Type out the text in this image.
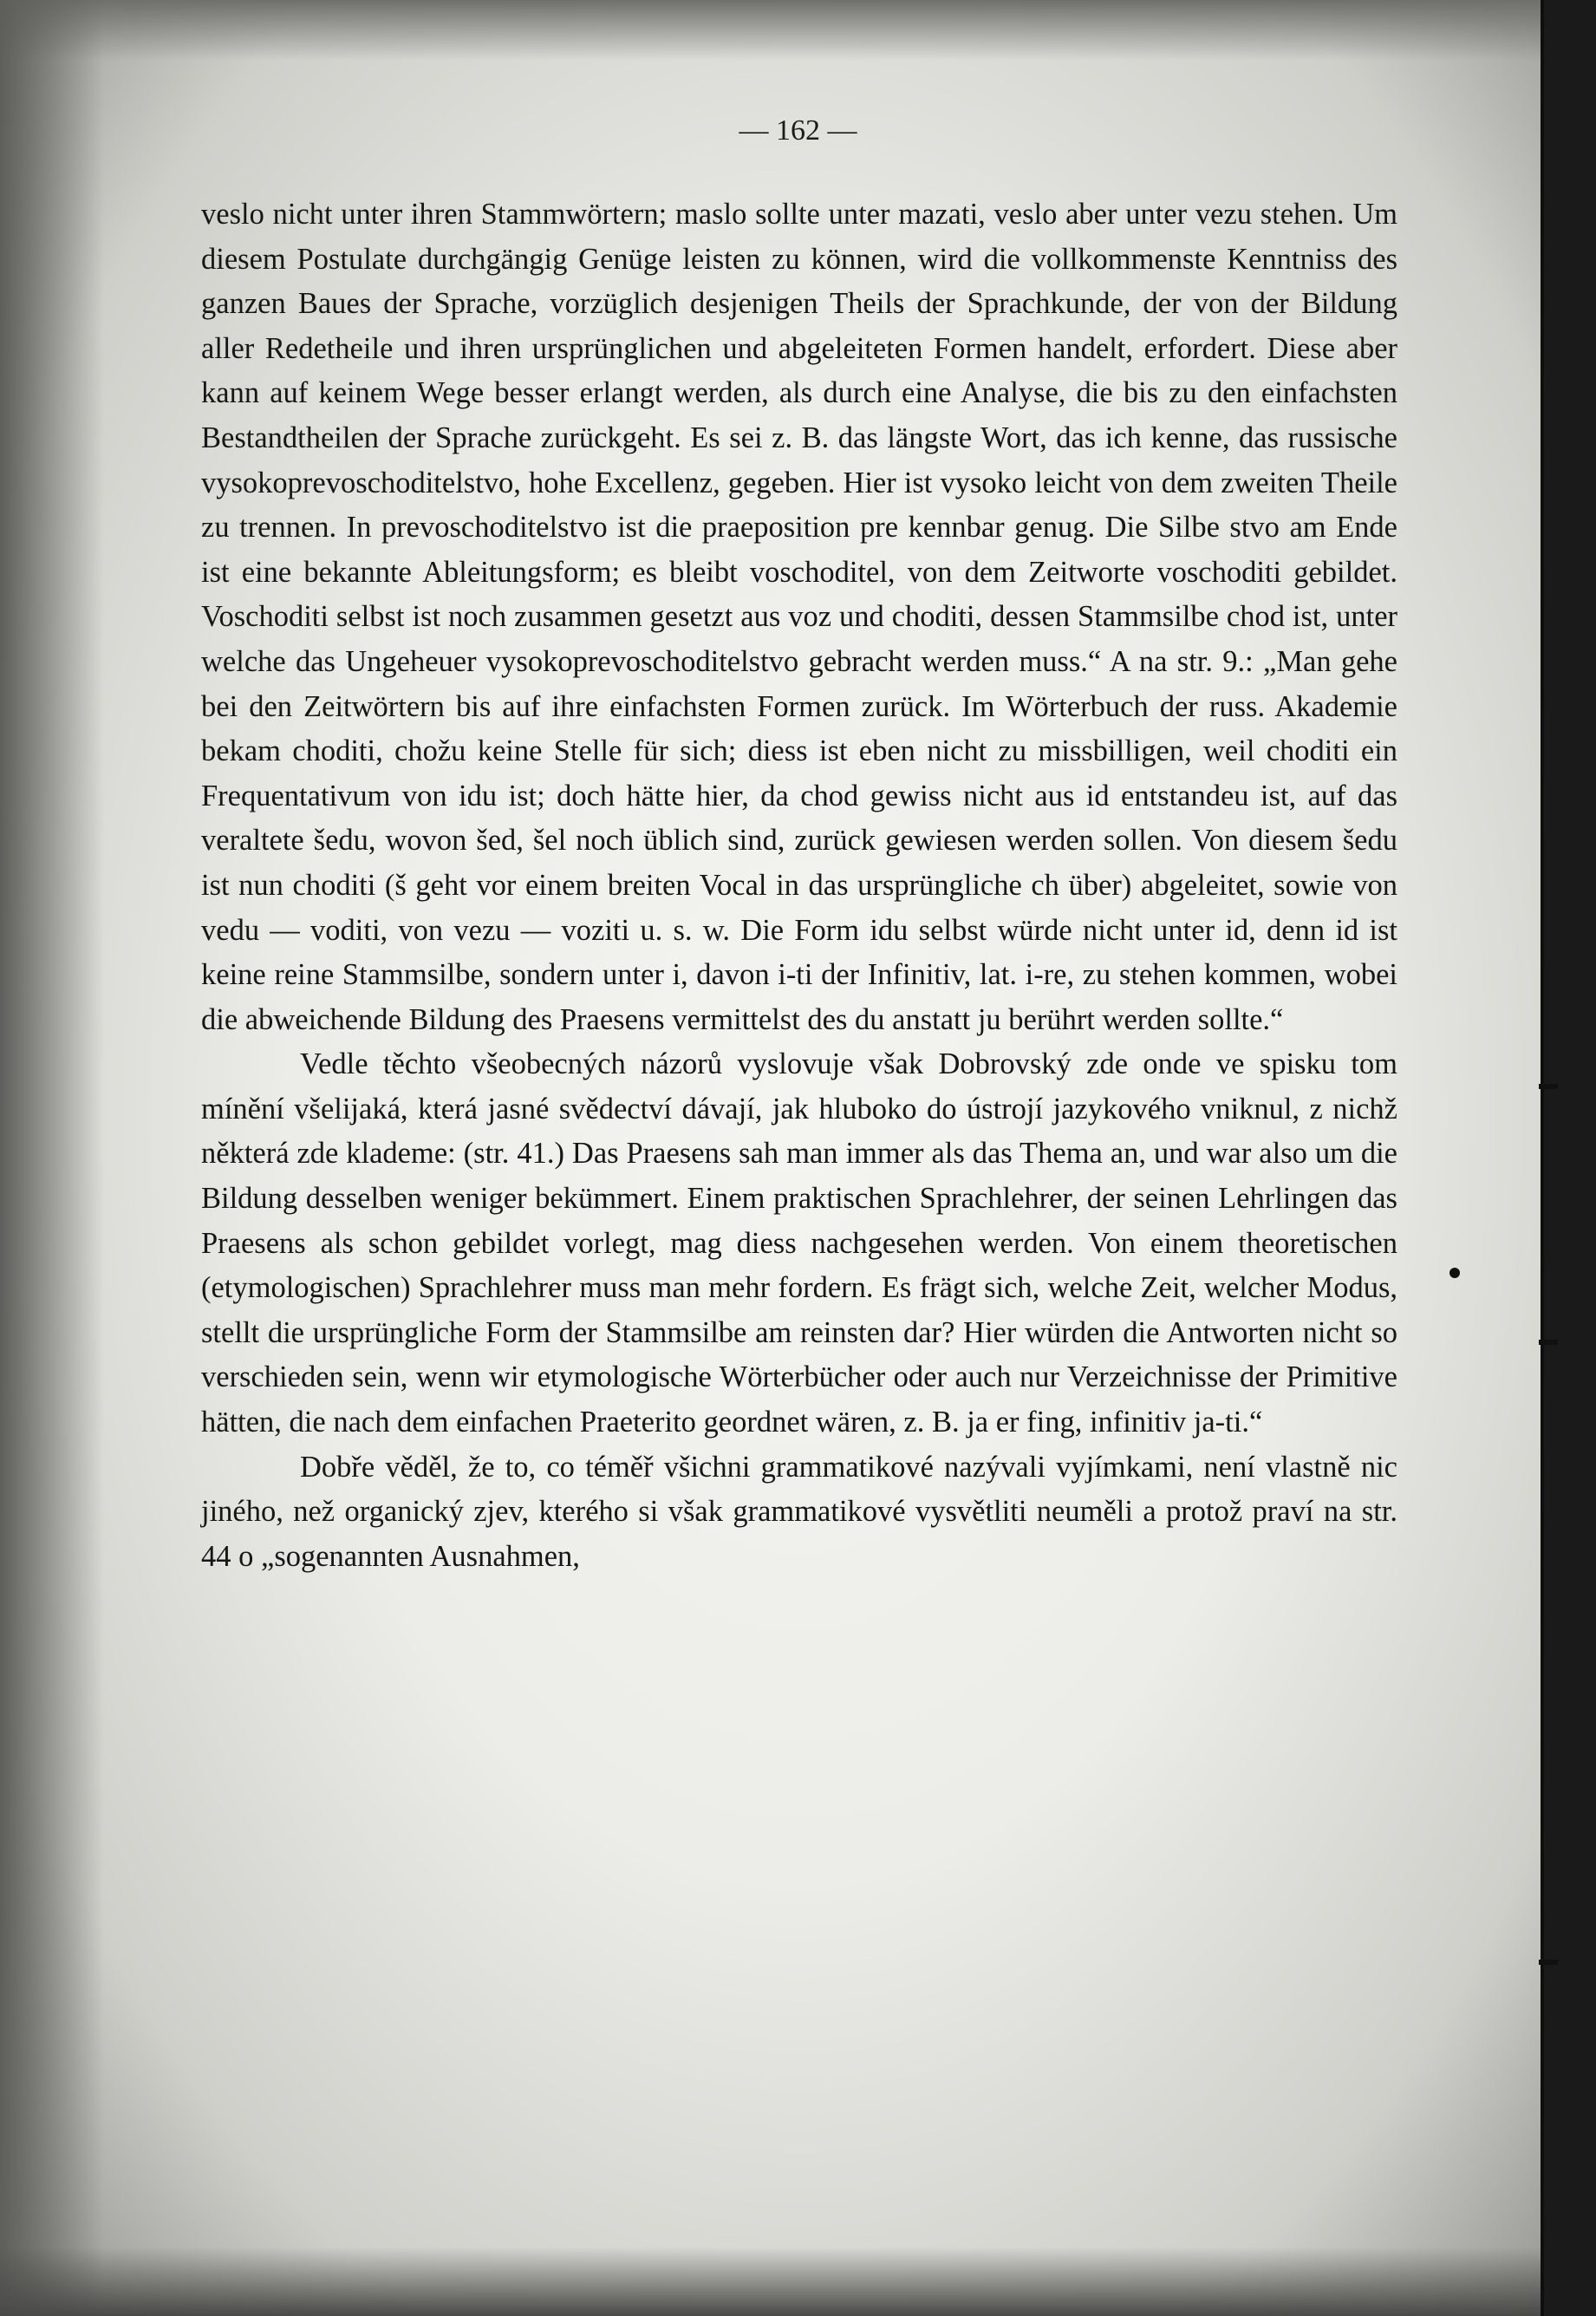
— 162 —

veslo nicht unter ihren Stammwörtern; maslo sollte unter mazati, veslo aber unter vezu stehen. Um diesem Postulate durchgängig Genüge leisten zu können, wird die vollkommenste Kenntniss des ganzen Baues der Sprache, vorzüglich desjenigen Theils der Sprachkunde, der von der Bildung aller Redetheile und ihren ursprünglichen und abgeleiteten Formen handelt, erfordert. Diese aber kann auf keinem Wege besser erlangt werden, als durch eine Analyse, die bis zu den einfachsten Bestandtheilen der Sprache zurückgeht. Es sei z. B. das längste Wort, das ich kenne, das russische vysokoprevoschoditelstvo, hohe Excellenz, gegeben. Hier ist vysoko leicht von dem zweiten Theile zu trennen. In prevoschoditelstvo ist die praeposition pre kennbar genug. Die Silbe stvo am Ende ist eine bekannte Ableitungsform; es bleibt voschoditel, von dem Zeitworte voschoditi gebildet. Voschoditi selbst ist noch zusammen gesetzt aus voz und choditi, dessen Stammsilbe chod ist, unter welche das Ungeheuer vysokoprevoschoditelstvo gebracht werden muss.“ A na str. 9.: „Man gehe bei den Zeitwörtern bis auf ihre einfachsten Formen zurück. Im Wörterbuch der russ. Akademie bekam choditi, chožu keine Stelle für sich; diess ist eben nicht zu missbilligen, weil choditi ein Frequentativum von idu ist; doch hätte hier, da chod gewiss nicht aus id entstandeu ist, auf das veraltete šedu, wovon šed, šel noch üblich sind, zurück gewiesen werden sollen. Von diesem šedu ist nun choditi (š geht vor einem breiten Vocal in das ursprüngliche ch über) abgeleitet, sowie von vedu — voditi, von vezu — voziti u. s. w. Die Form idu selbst würde nicht unter id, denn id ist keine reine Stammsilbe, sondern unter i, davon i-ti der Infinitiv, lat. i-re, zu stehen kommen, wobei die abweichende Bildung des Praesens vermittelst des du anstatt ju berührt werden sollte.“

Vedle těchto všeobecných názorů vyslovuje však Dobrovský zde onde ve spisku tom mínění všelijaká, která jasné svědectví dávají, jak hluboko do ústrojí jazykového vniknul, z nichž některá zde klademe: (str. 41.) Das Praesens sah man immer als das Thema an, und war also um die Bildung desselben weniger bekümmert. Einem praktischen Sprachlehrer, der seinen Lehrlingen das Praesens als schon gebildet vorlegt, mag diess nachgesehen werden. Von einem theoretischen (etymologischen) Sprachlehrer muss man mehr fordern. Es frägt sich, welche Zeit, welcher Modus, stellt die ursprüngliche Form der Stammsilbe am reinsten dar? Hier würden die Antworten nicht so verschieden sein, wenn wir etymologische Wörterbücher oder auch nur Verzeichnisse der Primitive hätten, die nach dem einfachen Praeterito geordnet wären, z. B. ja er fing, infinitiv ja-ti.“

Dobře věděl, že to, co téměř všichni grammatikové nazývali vyjímkami, není vlastně nic jiného, než organický zjev, kterého si však grammatikové vysvětliti neuměli a protož praví na str. 44 o „sogenannten Ausnahmen,
